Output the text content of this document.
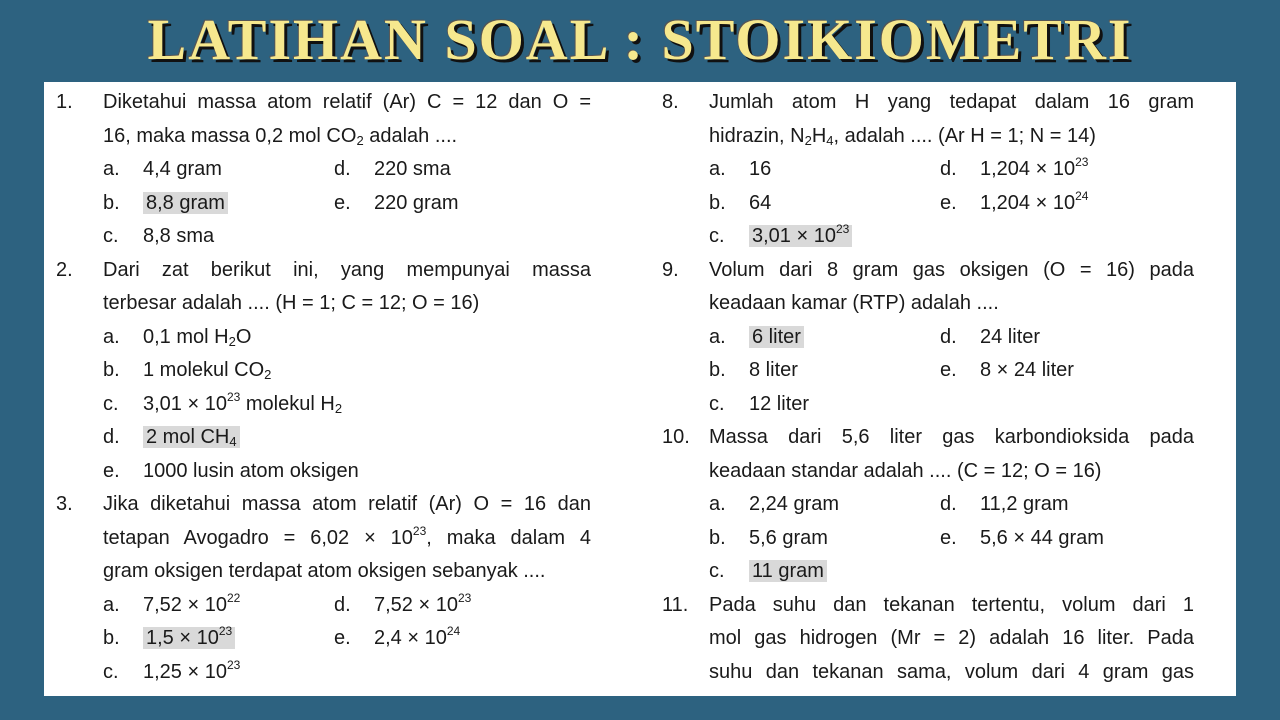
LATIHAN SOAL : STOIKIOMETRI
1. Diketahui massa atom relatif (Ar) C = 12 dan O =
16, maka massa 0,2 mol $CO_2$ adalah ....
a. 4,4 gram	d. 220 sma
b. 8,8 gram	e. 220 gram
c. 8,8 sma
2. Dari zat berikut ini, yang mempunyai massa
terbesar adalah .... (H = 1; C = 12; O = 16)
a. 0,1 mol $H_2O$
b. 1 molekul $CO_2$
c. $3,01 \times 10^{23}$ molekul $H_2$
d. 2 mol $CH_4$
e. 1000 lusin atom oksigen
3. Jika diketahui massa atom relatif (Ar) O = 16 dan
tetapan Avogadro = $6,02 \times 10^{23}$, maka dalam 4
gram oksigen terdapat atom oksigen sebanyak ....
a. $7,52 \times 10^{22}$	d. $7,52 \times 10^{23}$
b. $1,5 \times 10^{23}$	e. $2,4 \times 10^{24}$
c. $1,25 \times 10^{23}$
8. Jumlah atom H yang tedapat dalam 16 gram
hidrazin, $N_2H_4$, adalah .... (Ar H = 1; N = 14)
a. 16	d. $1,204 \times 10^{23}$
b. 64	e. $1,204 \times 10^{24}$
c. $3,01 \times 10^{23}$
9. Volum dari 8 gram gas oksigen (O = 16) pada
keadaan kamar (RTP) adalah ....
a. 6 liter	d. 24 liter
b. 8 liter	e. 8 × 24 liter
c. 12 liter
10. Massa dari 5,6 liter gas karbondioksida pada
keadaan standar adalah .... (C = 12; O = 16)
a. 2,24 gram	d. 11,2 gram
b. 5,6 gram	e. 5,6 × 44 gram
c. 11 gram
11. Pada suhu dan tekanan tertentu, volum dari 1
mol gas hidrogen (Mr = 2) adalah 16 liter. Pada
suhu dan tekanan sama, volum dari 4 gram gas
